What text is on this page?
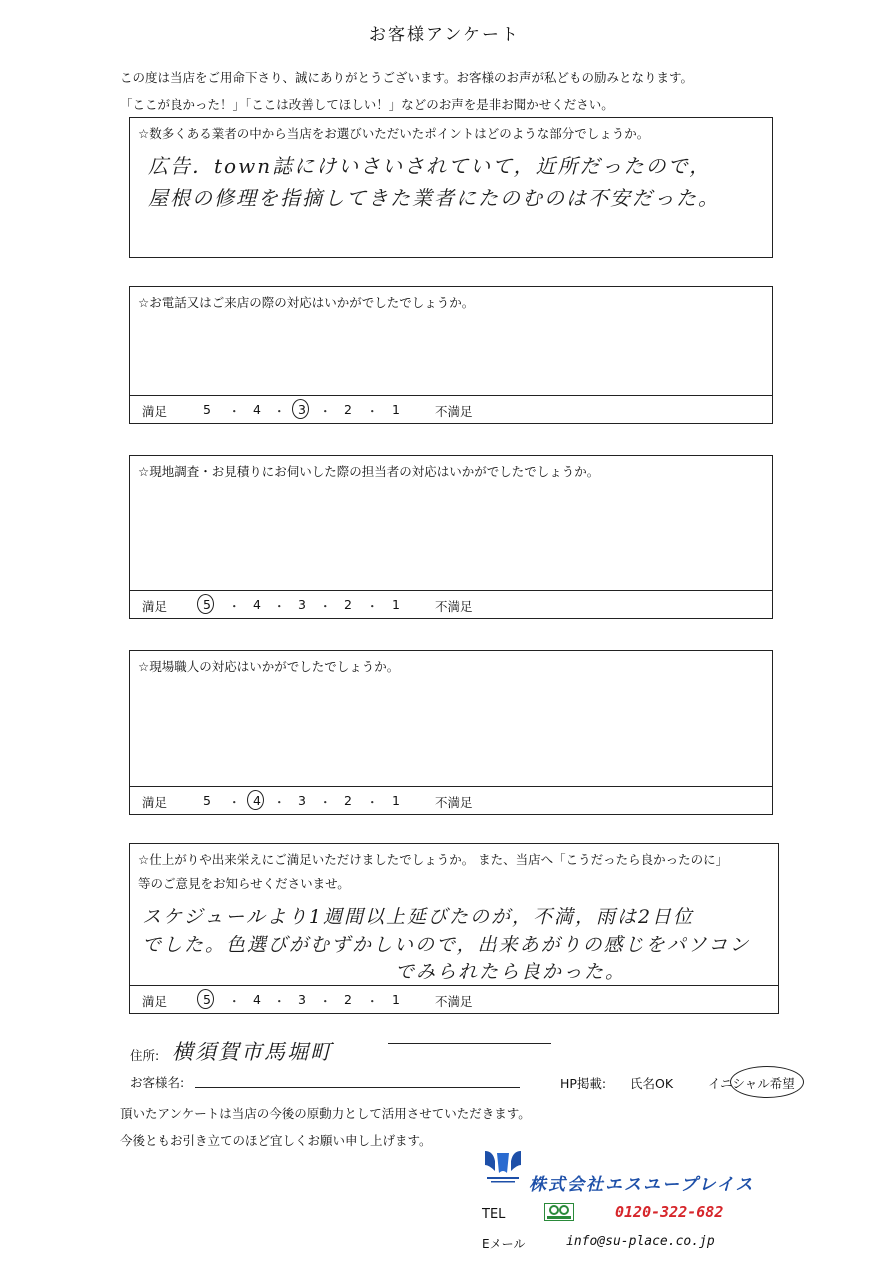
お客様アンケート
この度は当店をご用命下さり、誠にありがとうございます。お客様のお声が私どもの励みとなります。
「ここが良かった！」「ここは改善してほしい！」などのお声を是非お聞かせください。
☆数多くある業者の中から当店をお選びいただいたポイントはどのような部分でしょうか。
広告．town誌にけいさいされていて，近所だったので，
屋根の修理を指摘してきた業者にたのむのは不安だった。
☆お電話又はご来店の際の対応はいかがでしたでしょうか。
満足	5 ・ 4 ・ 3 ・ 2 ・ 1	不満足
☆現地調査・お見積りにお伺いした際の担当者の対応はいかがでしたでしょうか。
満足	5 ・ 4 ・ 3 ・ 2 ・ 1	不満足
☆現場職人の対応はいかがでしたでしょうか。
満足	5 ・ 4 ・ 3 ・ 2 ・ 1	不満足
☆仕上がりや出来栄えにご満足いただけましたでしょうか。 また、当店へ「こうだったら良かったのに」
等のご意見をお知らせくださいませ。
スケジュールより1週間以上延びたのが，不満，雨は2日位
でした。色選びがむずかしいので，出来あがりの感じをパソコン
でみられたら良かった。
満足	5 ・ 4 ・ 3 ・ 2 ・ 1	不満足
住所: 横須賀市馬堀町
お客様名:	HP掲載: 氏名OK	イニシャル希望
頂いたアンケートは当店の今後の原動力として活用させていただきます。
今後ともお引き立てのほど宜しくお願い申し上げます。
株式会社エスユープレイス
TEL	0120-322-682
Eメール	info@su-place.co.jp
